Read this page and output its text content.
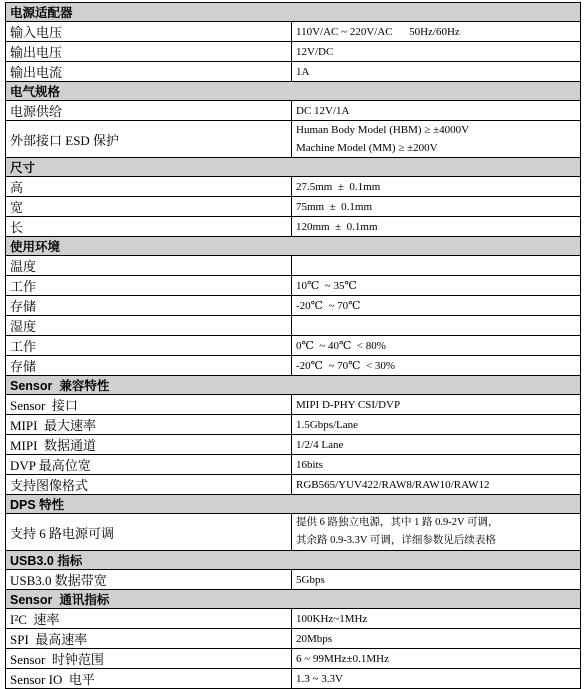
电源适配器	
输入电压	110V/AC ~ 220V/AC      50Hz/60Hz
输出电压	12V/DC
输出电流	1A
电气规格	
电源供给	DC 12V/1A
外部接口 ESD 保护	Human Body Model (HBM) ≥ ±4000V
Machine Model (MM) ≥ ±200V

尺寸	
高	27.5mm  ±  0.1mm
宽	75mm  ±  0.1mm
长	120mm  ±  0.1mm
使用环境	
温度	
工作	10℃  ~ 35℃
存储	-20℃  ~ 70℃
湿度	
工作	0℃  ~ 40℃  < 80%
存储	-20℃  ~ 70℃  < 30%
Sensor  兼容特性	
Sensor  接口	MIPI D-PHY CSI/DVP
MIPI  最大速率	1.5Gbps/Lane
MIPI  数据通道	1/2/4 Lane
DVP 最高位宽	16bits
支持图像格式	RGB565/YUV422/RAW8/RAW10/RAW12
DPS 特性	
支持 6 路电源可调	提供 6 路独立电源，其中 1 路 0.9-2V 可调，
其余路 0.9-3.3V 可调，详细参数见后续表格

USB3.0 指标	
USB3.0 数据带宽	5Gbps
Sensor  通讯指标	
I²C  速率	100KHz~1MHz
SPI  最高速率	20Mbps
Sensor  时钟范围	6 ~ 99MHz±0.1MHz
Sensor IO  电平	1.3 ~ 3.3V
